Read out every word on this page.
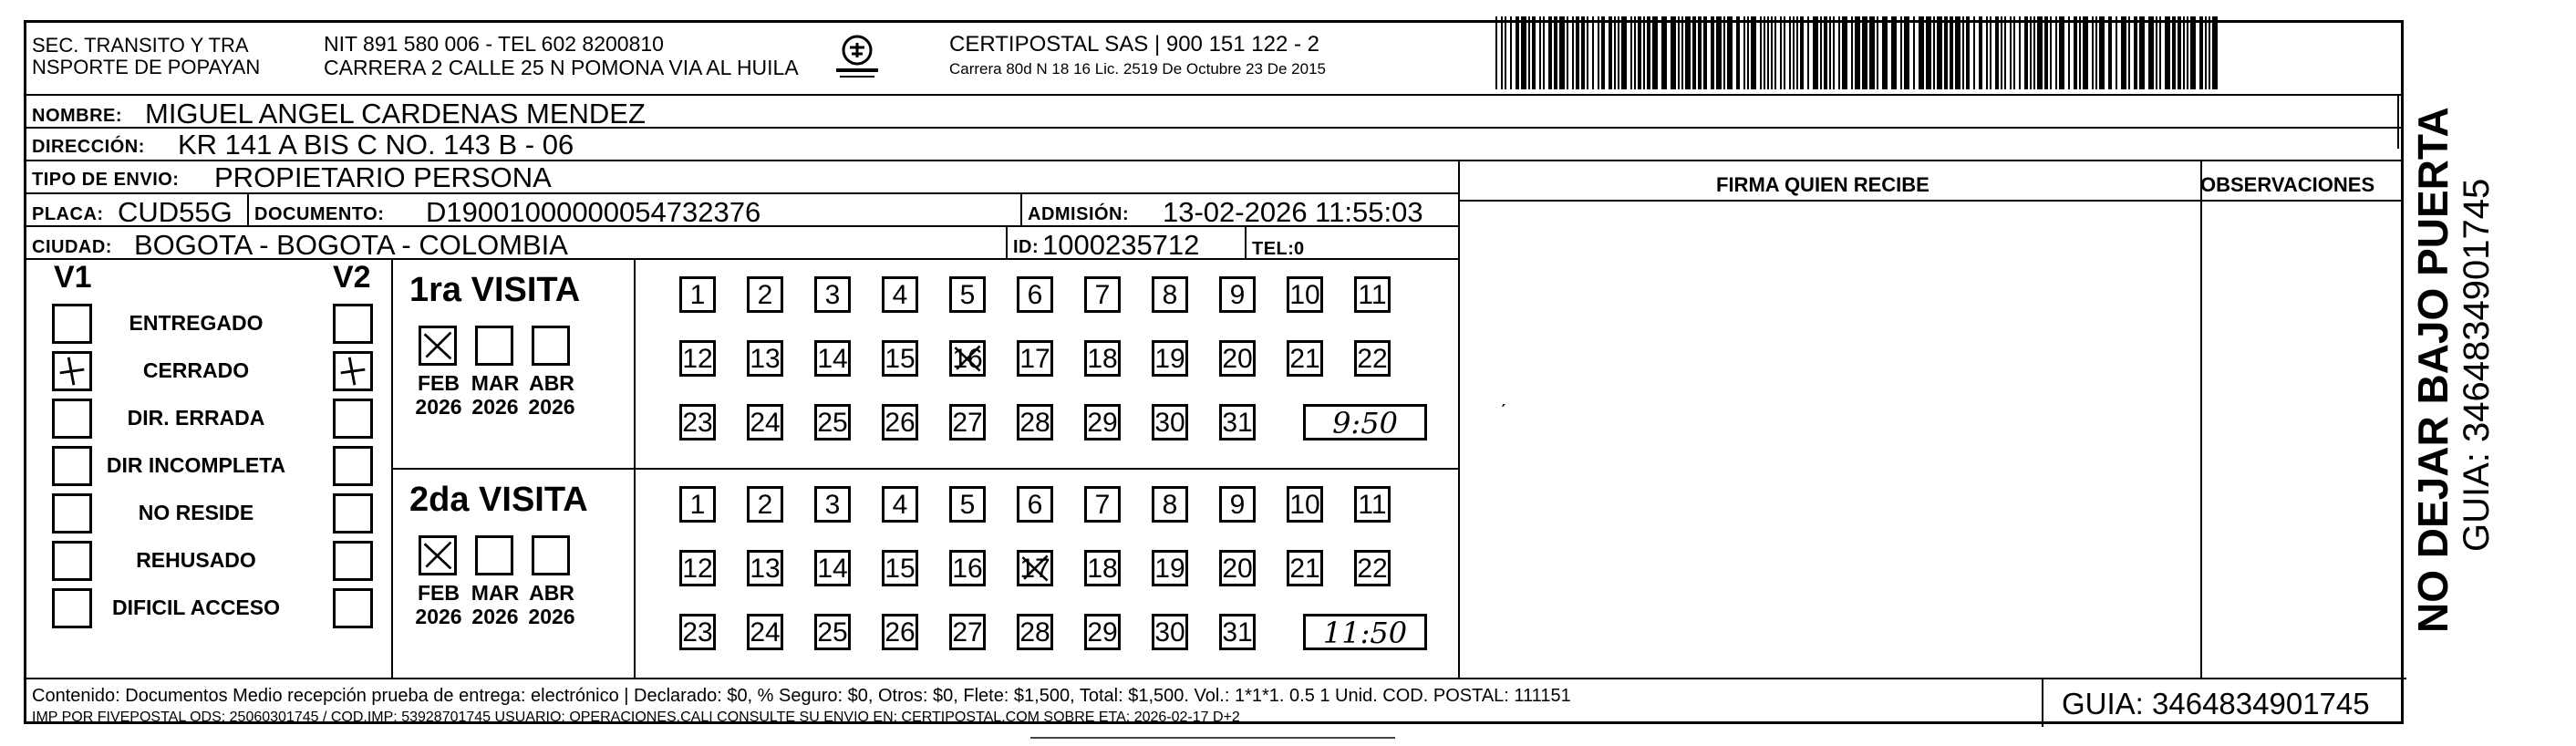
SEC. TRANSITO Y TRA
NSPORTE DE POPAYAN
NIT 891 580 006 - TEL 602 8200810
CARRERA 2 CALLE 25 N POMONA VIA AL HUILA
CERTIPOSTAL SAS | 900 151 122 - 2
Carrera 80d N 18 16 Lic. 2519 De Octubre 23 De 2015
NOMBRE: MIGUEL ANGEL CARDENAS MENDEZ
DIRECCIÓN: KR 141 A BIS C NO. 143 B - 06
TIPO DE ENVIO: PROPIETARIO PERSONA	FIRMA QUIEN RECIBE	OBSERVACIONES
PLACA: CUD55G DOCUMENTO: D19001000000054732376	ADMISIÓN: 13-02-2026 11:55:03
CIUDAD: BOGOTA - BOGOTA - COLOMBIA	ID: 1000235712	TEL: 0
ˊ
V1	V2
ENTREGADO
CERRADO
DIR. ERRADA
DIR INCOMPLETA
NO RESIDE
REHUSADO
DIFICIL ACCESO
1ra VISITA
FEB
2026
MAR
2026
ABR
2026
1	2	3	4	5	6	7	8	9	10 11
12 13 14 15 16 17 18 19 20 21 22
23 24 25 26 27 28 29 30 31	9:50
2da VISITA
FEB
2026
MAR
2026
ABR
2026
1	2	3	4	5	6	7	8	9	10 11
12 13 14 15 16 17 18 19 20 21 22
23 24 25 26 27 28 29 30 31	11:50
Contenido: Documentos Medio recepción prueba de entrega: electrónico | Declarado: $0, % Seguro: $0, Otros: $0, Flete: $1,500, Total: $1,500. Vol.: 1*1*1. 0.5 1 Unid. COD. POSTAL: 111151
IMP POR FIVEPOSTAL ODS: 25060301745 / COD.IMP: 53928701745 USUARIO: OPERACIONES.CALI CONSULTE SU ENVIO EN: CERTIPOSTAL.COM SOBRE ETA: 2026-02-17 D+2	GUIA: 3464834901745
NO DEJAR BAJO PUERTA GUIA: 3464834901745
